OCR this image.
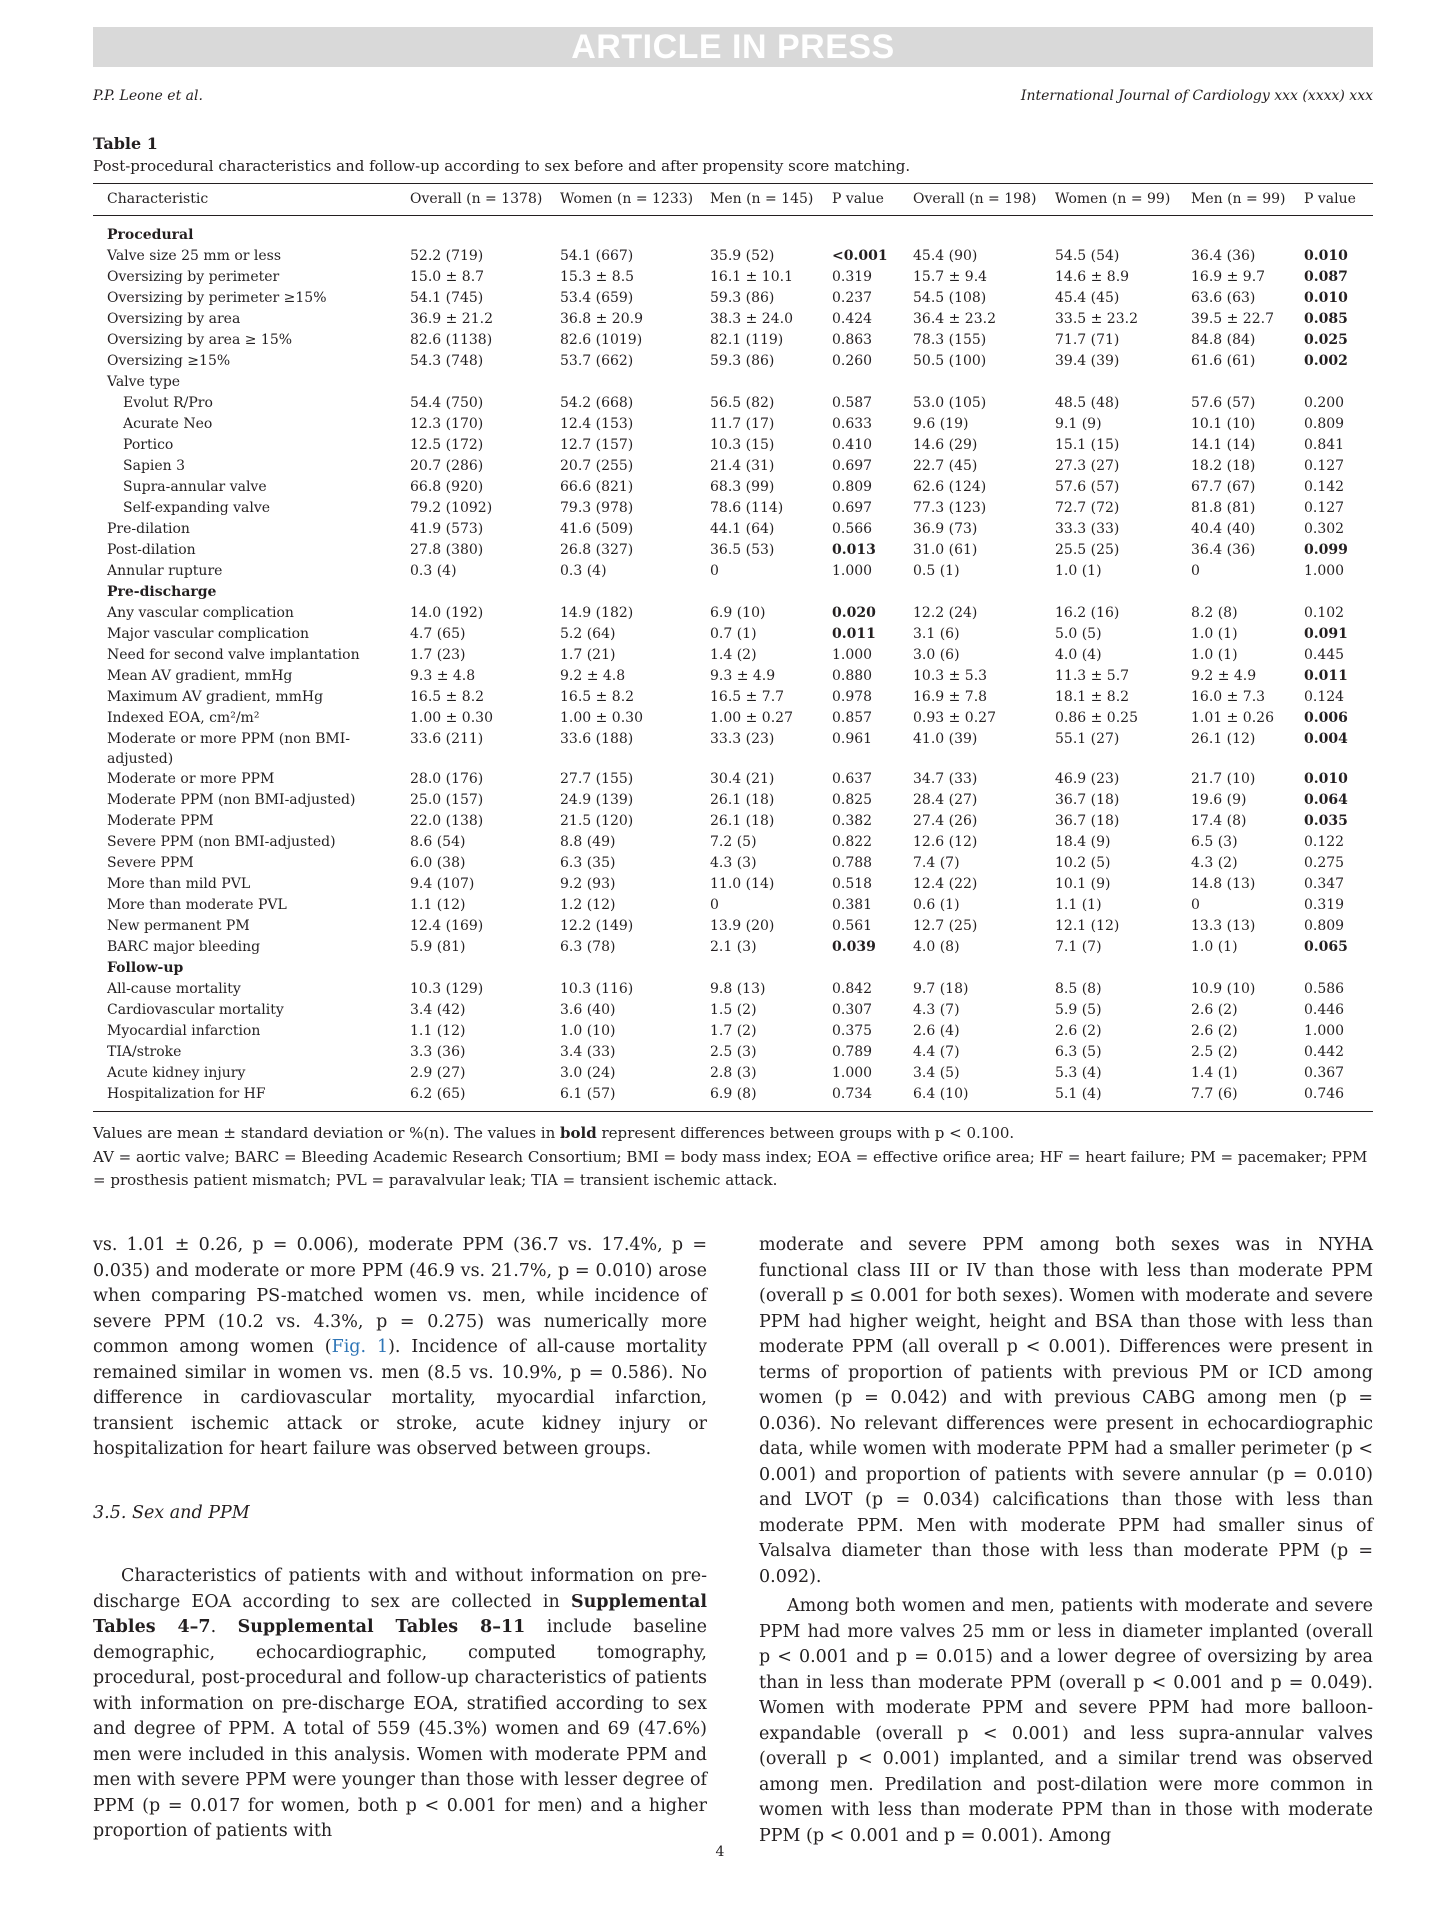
ARTICLE IN PRESS
P.P. Leone et al.	International Journal of Cardiology xxx (xxxx) xxx
Table 1
Post-procedural characteristics and follow-up according to sex before and after propensity score matching.
Characteristic	Overall (n = 1378)	Women (n = 1233)	Men (n = 145)	P value	Overall (n = 198)	Women (n = 99)	Men (n = 99)	P value
Procedural								
Valve size 25 mm or less	52.2 (719)	54.1 (667)	35.9 (52)	<0.001	45.4 (90)	54.5 (54)	36.4 (36)	0.010
Oversizing by perimeter	15.0 ± 8.7	15.3 ± 8.5	16.1 ± 10.1	0.319	15.7 ± 9.4	14.6 ± 8.9	16.9 ± 9.7	0.087
Oversizing by perimeter ≥15%	54.1 (745)	53.4 (659)	59.3 (86)	0.237	54.5 (108)	45.4 (45)	63.6 (63)	0.010
Oversizing by area	36.9 ± 21.2	36.8 ± 20.9	38.3 ± 24.0	0.424	36.4 ± 23.2	33.5 ± 23.2	39.5 ± 22.7	0.085
Oversizing by area ≥ 15%	82.6 (1138)	82.6 (1019)	82.1 (119)	0.863	78.3 (155)	71.7 (71)	84.8 (84)	0.025
Oversizing ≥15%	54.3 (748)	53.7 (662)	59.3 (86)	0.260	50.5 (100)	39.4 (39)	61.6 (61)	0.002
Valve type								
Evolut R/Pro	54.4 (750)	54.2 (668)	56.5 (82)	0.587	53.0 (105)	48.5 (48)	57.6 (57)	0.200
Acurate Neo	12.3 (170)	12.4 (153)	11.7 (17)	0.633	9.6 (19)	9.1 (9)	10.1 (10)	0.809
Portico	12.5 (172)	12.7 (157)	10.3 (15)	0.410	14.6 (29)	15.1 (15)	14.1 (14)	0.841
Sapien 3	20.7 (286)	20.7 (255)	21.4 (31)	0.697	22.7 (45)	27.3 (27)	18.2 (18)	0.127
Supra-annular valve	66.8 (920)	66.6 (821)	68.3 (99)	0.809	62.6 (124)	57.6 (57)	67.7 (67)	0.142
Self-expanding valve	79.2 (1092)	79.3 (978)	78.6 (114)	0.697	77.3 (123)	72.7 (72)	81.8 (81)	0.127
Pre-dilation	41.9 (573)	41.6 (509)	44.1 (64)	0.566	36.9 (73)	33.3 (33)	40.4 (40)	0.302
Post-dilation	27.8 (380)	26.8 (327)	36.5 (53)	0.013	31.0 (61)	25.5 (25)	36.4 (36)	0.099
Annular rupture	0.3 (4)	0.3 (4)	0	1.000	0.5 (1)	1.0 (1)	0	1.000
Pre-discharge								
Any vascular complication	14.0 (192)	14.9 (182)	6.9 (10)	0.020	12.2 (24)	16.2 (16)	8.2 (8)	0.102
Major vascular complication	4.7 (65)	5.2 (64)	0.7 (1)	0.011	3.1 (6)	5.0 (5)	1.0 (1)	0.091
Need for second valve implantation	1.7 (23)	1.7 (21)	1.4 (2)	1.000	3.0 (6)	4.0 (4)	1.0 (1)	0.445
Mean AV gradient, mmHg	9.3 ± 4.8	9.2 ± 4.8	9.3 ± 4.9	0.880	10.3 ± 5.3	11.3 ± 5.7	9.2 ± 4.9	0.011
Maximum AV gradient, mmHg	16.5 ± 8.2	16.5 ± 8.2	16.5 ± 7.7	0.978	16.9 ± 7.8	18.1 ± 8.2	16.0 ± 7.3	0.124
Indexed EOA, cm²/m²	1.00 ± 0.30	1.00 ± 0.30	1.00 ± 0.27	0.857	0.93 ± 0.27	0.86 ± 0.25	1.01 ± 0.26	0.006
Moderate or more PPM (non BMI-adjusted)	33.6 (211)	33.6 (188)	33.3 (23)	0.961	41.0 (39)	55.1 (27)	26.1 (12)	0.004
Moderate or more PPM	28.0 (176)	27.7 (155)	30.4 (21)	0.637	34.7 (33)	46.9 (23)	21.7 (10)	0.010
Moderate PPM (non BMI-adjusted)	25.0 (157)	24.9 (139)	26.1 (18)	0.825	28.4 (27)	36.7 (18)	19.6 (9)	0.064
Moderate PPM	22.0 (138)	21.5 (120)	26.1 (18)	0.382	27.4 (26)	36.7 (18)	17.4 (8)	0.035
Severe PPM (non BMI-adjusted)	8.6 (54)	8.8 (49)	7.2 (5)	0.822	12.6 (12)	18.4 (9)	6.5 (3)	0.122
Severe PPM	6.0 (38)	6.3 (35)	4.3 (3)	0.788	7.4 (7)	10.2 (5)	4.3 (2)	0.275
More than mild PVL	9.4 (107)	9.2 (93)	11.0 (14)	0.518	12.4 (22)	10.1 (9)	14.8 (13)	0.347
More than moderate PVL	1.1 (12)	1.2 (12)	0	0.381	0.6 (1)	1.1 (1)	0	0.319
New permanent PM	12.4 (169)	12.2 (149)	13.9 (20)	0.561	12.7 (25)	12.1 (12)	13.3 (13)	0.809
BARC major bleeding	5.9 (81)	6.3 (78)	2.1 (3)	0.039	4.0 (8)	7.1 (7)	1.0 (1)	0.065
Follow-up								
All-cause mortality	10.3 (129)	10.3 (116)	9.8 (13)	0.842	9.7 (18)	8.5 (8)	10.9 (10)	0.586
Cardiovascular mortality	3.4 (42)	3.6 (40)	1.5 (2)	0.307	4.3 (7)	5.9 (5)	2.6 (2)	0.446
Myocardial infarction	1.1 (12)	1.0 (10)	1.7 (2)	0.375	2.6 (4)	2.6 (2)	2.6 (2)	1.000
TIA/stroke	3.3 (36)	3.4 (33)	2.5 (3)	0.789	4.4 (7)	6.3 (5)	2.5 (2)	0.442
Acute kidney injury	2.9 (27)	3.0 (24)	2.8 (3)	1.000	3.4 (5)	5.3 (4)	1.4 (1)	0.367
Hospitalization for HF	6.2 (65)	6.1 (57)	6.9 (8)	0.734	6.4 (10)	5.1 (4)	7.7 (6)	0.746
Values are mean ± standard deviation or %(n). The values in bold represent differences between groups with p < 0.100.
AV = aortic valve; BARC = Bleeding Academic Research Consortium; BMI = body mass index; EOA = effective orifice area; HF = heart failure; PM = pacemaker; PPM = prosthesis patient mismatch; PVL = paravalvular leak; TIA = transient ischemic attack.

vs. 1.01 ± 0.26, p = 0.006), moderate PPM (36.7 vs. 17.4%, p = 0.035) and moderate or more PPM (46.9 vs. 21.7%, p = 0.010) arose when comparing PS-matched women vs. men, while incidence of severe PPM (10.2 vs. 4.3%, p = 0.275) was numerically more common among women (Fig. 1). Incidence of all-cause mortality remained similar in women vs. men (8.5 vs. 10.9%, p = 0.586). No difference in cardiovascular mortality, myocardial infarction, transient ischemic attack or stroke, acute kidney injury or hospitalization for heart failure was observed between groups.

3.5. Sex and PPM

Characteristics of patients with and without information on pre-discharge EOA according to sex are collected in Supplemental Tables 4–7. Supplemental Tables 8–11 include baseline demographic, echocardiographic, computed tomography, procedural, post-procedural and follow-up characteristics of patients with information on pre-discharge EOA, stratified according to sex and degree of PPM. A total of 559 (45.3%) women and 69 (47.6%) men were included in this analysis. Women with moderate PPM and men with severe PPM were younger than those with lesser degree of PPM (p = 0.017 for women, both p < 0.001 for men) and a higher proportion of patients with

moderate and severe PPM among both sexes was in NYHA functional class III or IV than those with less than moderate PPM (overall p ≤ 0.001 for both sexes). Women with moderate and severe PPM had higher weight, height and BSA than those with less than moderate PPM (all overall p < 0.001). Differences were present in terms of proportion of patients with previous PM or ICD among women (p = 0.042) and with previous CABG among men (p = 0.036). No relevant differences were present in echocardiographic data, while women with moderate PPM had a smaller perimeter (p < 0.001) and proportion of patients with severe annular (p = 0.010) and LVOT (p = 0.034) calcifications than those with less than moderate PPM. Men with moderate PPM had smaller sinus of Valsalva diameter than those with less than moderate PPM (p = 0.092).

Among both women and men, patients with moderate and severe PPM had more valves 25 mm or less in diameter implanted (overall p < 0.001 and p = 0.015) and a lower degree of oversizing by area than in less than moderate PPM (overall p < 0.001 and p = 0.049). Women with moderate PPM and severe PPM had more balloon-expandable (overall p < 0.001) and less supra-annular valves (overall p < 0.001) implanted, and a similar trend was observed among men. Predilation and post-dilation were more common in women with less than moderate PPM than in those with moderate PPM (p < 0.001 and p = 0.001). Among

4
